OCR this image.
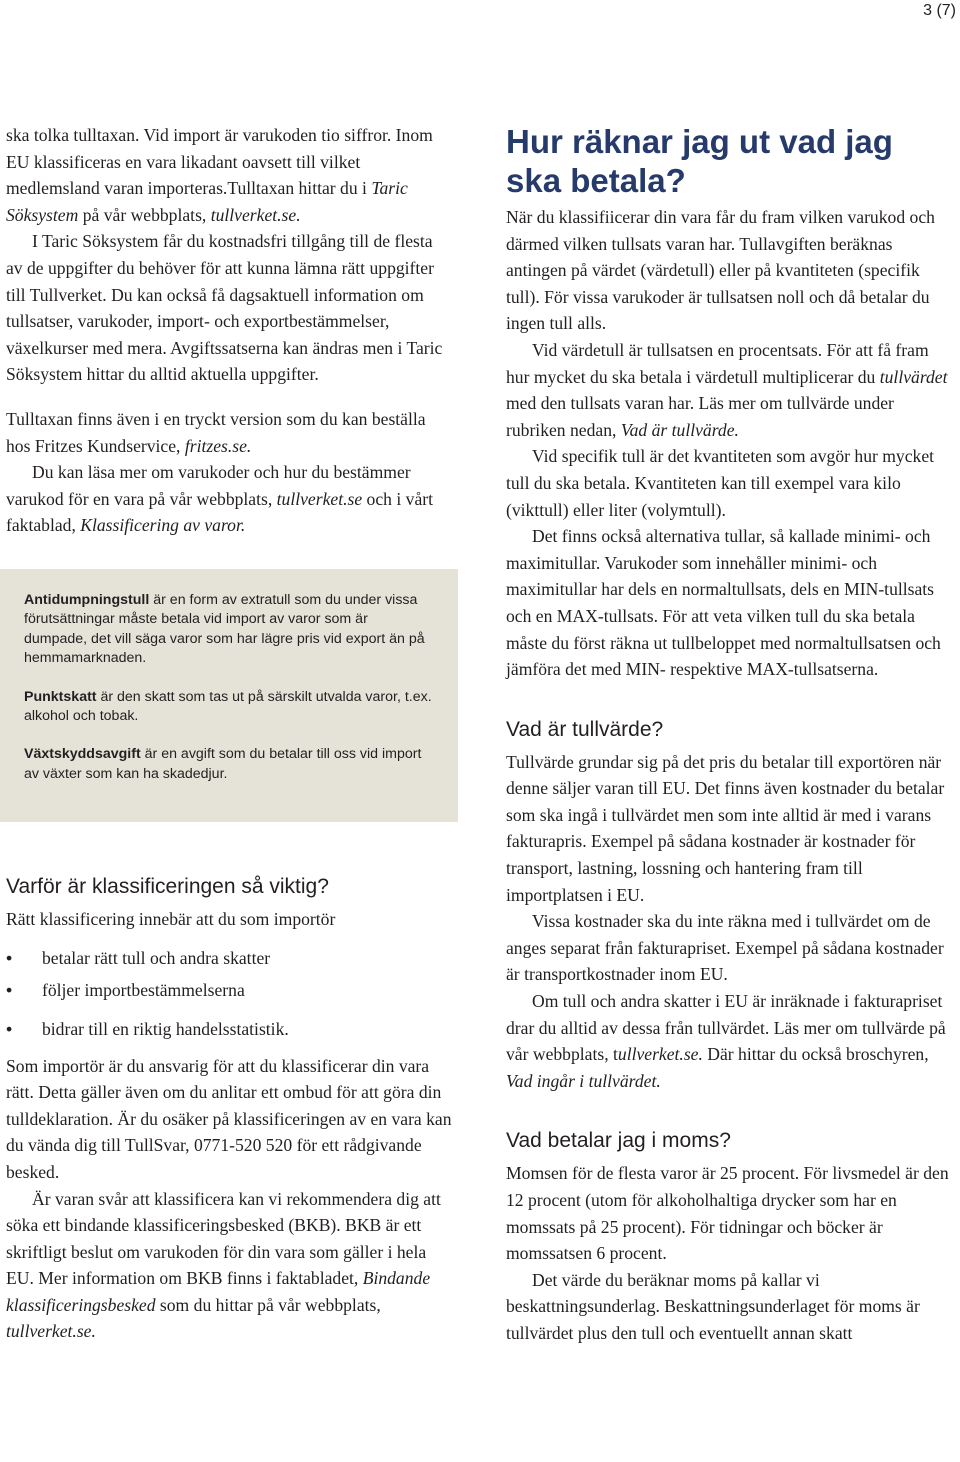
3 (7)

ska tolka tulltaxan. Vid import är varukoden tio siffror. Inom EU klassificeras en vara likadant oavsett till vilket medlemsland varan importeras.Tulltaxan hittar du i Taric Söksystem på vår webbplats, tullverket.se.

I Taric Söksystem får du kostnadsfri tillgång till de flesta av de uppgifter du behöver för att kunna lämna rätt uppgifter till Tullverket. Du kan också få dagsaktuell information om tullsatser, varukoder, import- och exportbestämmelser, växelkurser med mera. Avgiftssatserna kan ändras men i Taric Söksystem hittar du alltid aktuella uppgifter.

Tulltaxan finns även i en tryckt version som du kan beställa hos Fritzes Kundservice, fritzes.se.

Du kan läsa mer om varukoder och hur du bestämmer varukod för en vara på vår webbplats, tullverket.se och i vårt faktablad, Klassificering av varor.

Antidumpningstull är en form av extratull som du under vissa förutsättningar måste betala vid import av varor som är dumpade, det vill säga varor som har lägre pris vid export än på hemmamarknaden.

Punktskatt är den skatt som tas ut på särskilt utvalda varor, t.ex. alkohol och tobak.

Växtskyddsavgift är en avgift som du betalar till oss vid import av växter som kan ha skadedjur.

Varför är klassificeringen så viktig?

Rätt klassificering innebär att du som importör

• betalar rätt tull och andra skatter
• följer importbestämmelserna
• bidrar till en riktig handelsstatistik.

Som importör är du ansvarig för att du klassificerar din vara rätt. Detta gäller även om du anlitar ett ombud för att göra din tulldeklaration. Är du osäker på klassificeringen av en vara kan du vända dig till TullSvar, 0771-520 520 för ett rådgivande besked.

Är varan svår att klassificera kan vi rekommendera dig att söka ett bindande klassificeringsbesked (BKB). BKB är ett skriftligt beslut om varukoden för din vara som gäller i hela EU. Mer information om BKB finns i faktabladet, Bindande klassificeringsbesked som du hittar på vår webbplats, tullverket.se.

Hur räknar jag ut vad jag ska betala?

När du klassifiicerar din vara får du fram vilken varukod och därmed vilken tullsats varan har. Tullavgiften beräknas antingen på värdet (värdetull) eller på kvantiteten (specifik tull). För vissa varukoder är tullsatsen noll och då betalar du ingen tull alls.

Vid värdetull är tullsatsen en procentsats. För att få fram hur mycket du ska betala i värdetull multiplicerar du tullvärdet med den tullsats varan har. Läs mer om tullvärde under rubriken nedan, Vad är tullvärde.

Vid specifik tull är det kvantiteten som avgör hur mycket tull du ska betala. Kvantiteten kan till exempel vara kilo (vikttull) eller liter (volymtull).

Det finns också alternativa tullar, så kallade minimi- och maximitullar. Varukoder som innehåller minimi- och maximitullar har dels en normaltullsats, dels en MIN-tullsats och en MAX-tullsats. För att veta vilken tull du ska betala måste du först räkna ut tullbeloppet med normaltullsatsen och jämföra det med MIN- respektive MAX-tullsatserna.

Vad är tullvärde?

Tullvärde grundar sig på det pris du betalar till exportören när denne säljer varan till EU. Det finns även kostnader du betalar som ska ingå i tullvärdet men som inte alltid är med i varans fakturapris. Exempel på sådana kostnader är kostnader för transport, lastning, lossning och hantering fram till importplatsen i EU.

Vissa kostnader ska du inte räkna med i tullvärdet om de anges separat från fakturapriset. Exempel på sådana kostnader är transportkostnader inom EU.

Om tull och andra skatter i EU är inräknade i fakturapriset drar du alltid av dessa från tullvärdet. Läs mer om tullvärde på vår webbplats, tullverket.se. Där hittar du också broschyren, Vad ingår i tullvärdet.

Vad betalar jag i moms?

Momsen för de flesta varor är 25 procent. För livsmedel är den 12 procent (utom för alkoholhaltiga drycker som har en momssats på 25 procent). För tidningar och böcker är momssatsen 6 procent.

Det värde du beräknar moms på kallar vi beskattningsunderlag. Beskattningsunderlaget för moms är tullvärdet plus den tull och eventuellt annan skatt
